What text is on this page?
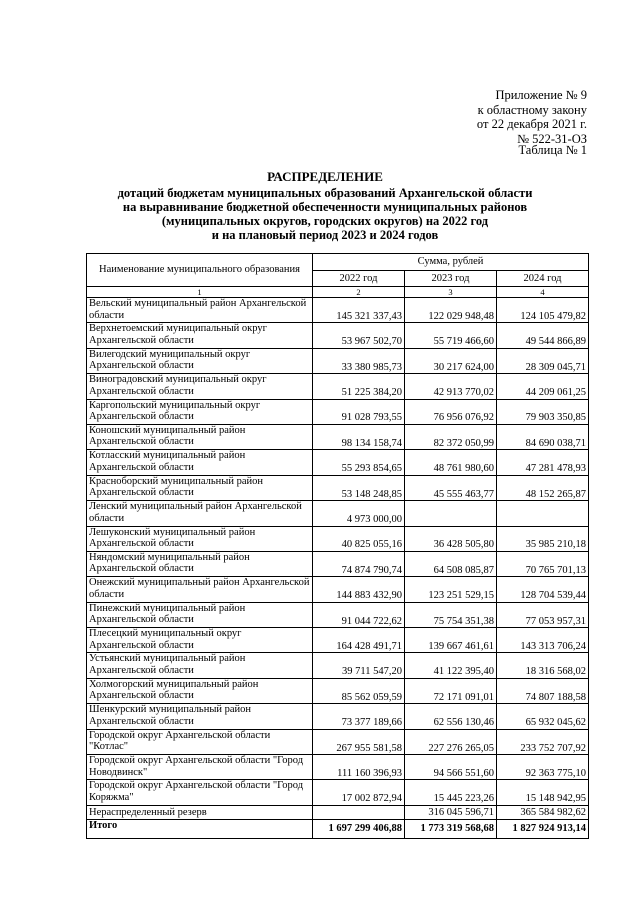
Приложение № 9
к областному закону
от 22 декабря 2021 г.
№ 522-31-ОЗ
Таблица № 1
РАСПРЕДЕЛЕНИЕ
дотаций бюджетам муниципальных образований Архангельской области
на выравнивание бюджетной обеспеченности муниципальных районов
(муниципальных округов, городских округов) на 2022 год
и на плановый период 2023 и 2024 годов
Наименование муниципального образования	Сумма, рублей		
	2022 год	2023 год	2024 год
1	2	3	4
Вельский муниципальный район Архангельской области	145 321 337,43	122 029 948,48	124 105 479,82
Верхнетоемский муниципальный округ Архангельской области	53 967 502,70	55 719 466,60	49 544 866,89
Вилегодский муниципальный округ Архангельской области	33 380 985,73	30 217 624,00	28 309 045,71
Виноградовский муниципальный округ Архангельской области	51 225 384,20	42 913 770,02	44 209 061,25
Каргопольский муниципальный округ Архангельской области	91 028 793,55	76 956 076,92	79 903 350,85
Коношский муниципальный район Архангельской области	98 134 158,74	82 372 050,99	84 690 038,71
Котласский муниципальный район Архангельской области	55 293 854,65	48 761 980,60	47 281 478,93
Красноборский муниципальный район Архангельской области	53 148 248,85	45 555 463,77	48 152 265,87
Ленский муниципальный район Архангельской области	4 973 000,00		
Лешуконский муниципальный район Архангельской области	40 825 055,16	36 428 505,80	35 985 210,18
Няндомский муниципальный район Архангельской области	74 874 790,74	64 508 085,87	70 765 701,13
Онежский муниципальный район Архангельской области	144 883 432,90	123 251 529,15	128 704 539,44
Пинежский муниципальный район Архангельской области	91 044 722,62	75 754 351,38	77 053 957,31
Плесецкий муниципальный округ Архангельской области	164 428 491,71	139 667 461,61	143 313 706,24
Устьянский муниципальный район Архангельской области	39 711 547,20	41 122 395,40	18 316 568,02
Холмогорский муниципальный район Архангельской области	85 562 059,59	72 171 091,01	74 807 188,58
Шенкурский муниципальный район Архангельской области	73 377 189,66	62 556 130,46	65 932 045,62
Городской округ Архангельской области "Котлас"	267 955 581,58	227 276 265,05	233 752 707,92
Городской округ Архангельской области "Город Новодвинск"	111 160 396,93	94 566 551,60	92 363 775,10
Городской округ Архангельской области "Город Коряжма"	17 002 872,94	15 445 223,26	15 148 942,95
Нераспределенный резерв		316 045 596,71	365 584 982,62
Итого	1 697 299 406,88	1 773 319 568,68	1 827 924 913,14
